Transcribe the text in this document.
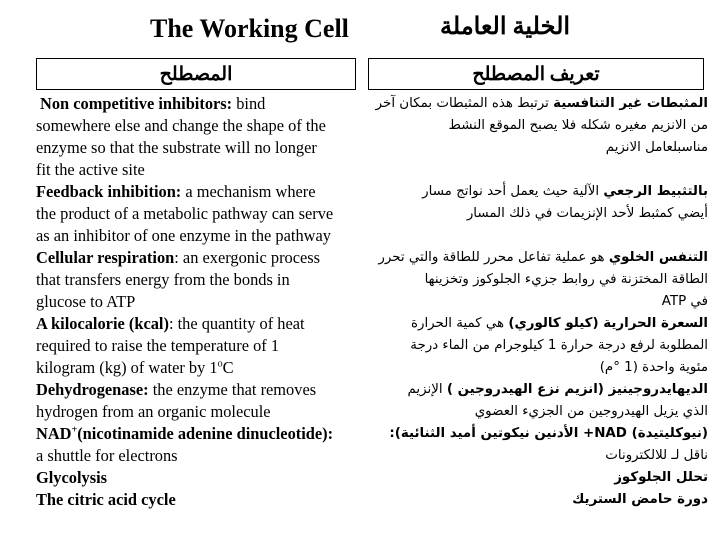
The Working Cell	الخلية العاملة
المصطلح	تعريف المصطلح
Non competitive inhibitors: bind
somewhere else and change the shape of the
enzyme so that the substrate will no longer
fit the active site
Feedback inhibition: a mechanism where
the product of a metabolic pathway can serve
as an inhibitor of one enzyme in the pathway
Cellular respiration: an exergonic process
that transfers energy from the bonds in
glucose to ATP
A kilocalorie (kcal): the quantity of heat
required to raise the temperature of 1
kilogram (kg) of water by 1$^o$C
Dehydrogenase: the enzyme that removes
hydrogen from an organic molecule
NAD+(nicotinamide adenine dinucleotide):
a shuttle for electrons
Glycolysis
The citric acid cycle
المثبطات غير التنافسية ترتبط هذه المثبطات بمكان آخر
من الانزيم مغيره شكله فلا يصبح الموقع النشط
مناسبلعامل الانزيم
بالتثبيط الرجعي الآلية حيث يعمل أحد نواتج مسار
أيضي كمثبط لأحد الإنزيمات في ذلك المسار
التنفس الخلوي هو عملية تفاعل محرر للطاقة والتي تحرر
الطاقة المختزنة في روابط جزيء الجلوكوز وتخزينها
في ATP
السعرة الحرارية (كيلو كالوري) هي كمية الحرارة
المطلوبة لرفع درجة حرارة 1 كيلوجرام من الماء درجة
مئوية واحدة (1 °م)
الديهايدروجينيز (انزيم نزع الهيدروجين ) الإنزيم
الذي يزيل الهيدروجين من الجزيء العضوي
(نيوكليتيدة) NAD+ الأدنين نيكوتين أميد الثنائية):
ناقل لـ للالكترونات
تحلل الجلوكوز
دورة حامض الستريك
